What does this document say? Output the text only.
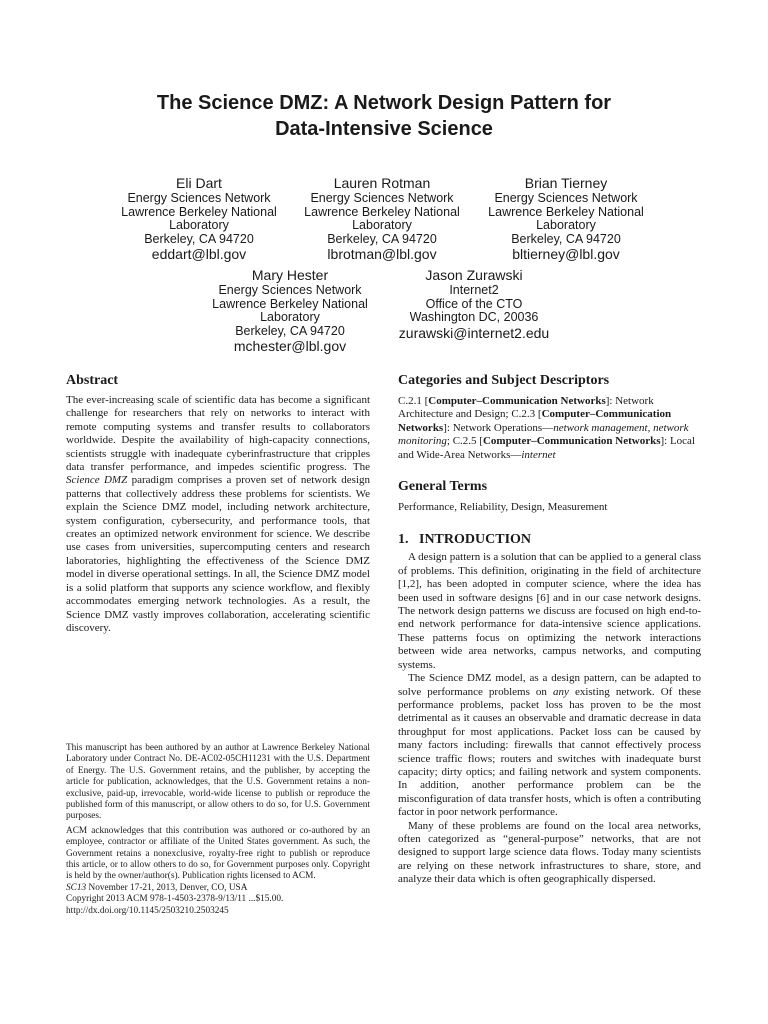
The Science DMZ: A Network Design Pattern for
Data-Intensive Science
Eli Dart
Energy Sciences Network
Lawrence Berkeley National
Laboratory
Berkeley, CA 94720
eddart@lbl.gov
Lauren Rotman
Energy Sciences Network
Lawrence Berkeley National
Laboratory
Berkeley, CA 94720
lbrotman@lbl.gov
Brian Tierney
Energy Sciences Network
Lawrence Berkeley National
Laboratory
Berkeley, CA 94720
bltierney@lbl.gov
Mary Hester
Energy Sciences Network
Lawrence Berkeley National
Laboratory
Berkeley, CA 94720
mchester@lbl.gov
Jason Zurawski
Internet2
Office of the CTO
Washington DC, 20036
zurawski@internet2.edu
Abstract

The ever-increasing scale of scientific data has become a significant challenge for researchers that rely on networks to interact with remote computing systems and transfer results to collaborators worldwide. Despite the availability of high-capacity connections, scientists struggle with inadequate cyberinfrastructure that cripples data transfer performance, and impedes scientific progress. The Science DMZ paradigm comprises a proven set of network design patterns that collectively address these problems for scientists. We explain the Science DMZ model, including network architecture, system configuration, cybersecurity, and performance tools, that creates an optimized network environment for science. We describe use cases from universities, supercomputing centers and research laboratories, highlighting the effectiveness of the Science DMZ model in diverse operational settings. In all, the Science DMZ model is a solid platform that supports any science workflow, and flexibly accommodates emerging network technologies. As a result, the Science DMZ vastly improves collaboration, accelerating scientific discovery.

This manuscript has been authored by an author at Lawrence Berkeley National Laboratory under Contract No. DE-AC02-05CH11231 with the U.S. Department of Energy. The U.S. Government retains, and the publisher, by accepting the article for publication, acknowledges, that the U.S. Government retains a non-exclusive, paid-up, irrevocable, world-wide license to publish or reproduce the published form of this manuscript, or allow others to do so, for U.S. Government purposes.

ACM acknowledges that this contribution was authored or co-authored by an employee, contractor or affiliate of the United States government. As such, the Government retains a nonexclusive, royalty-free right to publish or reproduce this article, or to allow others to do so, for Government purposes only. Copyright is held by the owner/author(s). Publication rights licensed to ACM.

SC13 November 17-21, 2013, Denver, CO, USA
Copyright 2013 ACM 978-1-4503-2378-9/13/11 ...$15.00.
http://dx.doi.org/10.1145/2503210.2503245
Categories and Subject Descriptors
C.2.1 [Computer–Communication Networks]: Network Architecture and Design; C.2.3 [Computer–Communication Networks]: Network Operations—network management, network monitoring; C.2.5 [Computer–Communication Networks]: Local and Wide-Area Networks—internet
General Terms
Performance, Reliability, Design, Measurement
1.   INTRODUCTION

A design pattern is a solution that can be applied to a general class of problems. This definition, originating in the field of architecture [1,2], has been adopted in computer science, where the idea has been used in software designs [6] and in our case network designs. The network design patterns we discuss are focused on high end-to-end network performance for data-intensive science applications. These patterns focus on optimizing the network interactions between wide area networks, campus networks, and computing systems.

The Science DMZ model, as a design pattern, can be adapted to solve performance problems on any existing network. Of these performance problems, packet loss has proven to be the most detrimental as it causes an observable and dramatic decrease in data throughput for most applications. Packet loss can be caused by many factors including: firewalls that cannot effectively process science traffic flows; routers and switches with inadequate burst capacity; dirty optics; and failing network and system components. In addition, another performance problem can be the misconfiguration of data transfer hosts, which is often a contributing factor in poor network performance.

Many of these problems are found on the local area networks, often categorized as “general-purpose” networks, that are not designed to support large science data flows. Today many scientists are relying on these network infrastructures to share, store, and analyze their data which is often geographically dispersed.
